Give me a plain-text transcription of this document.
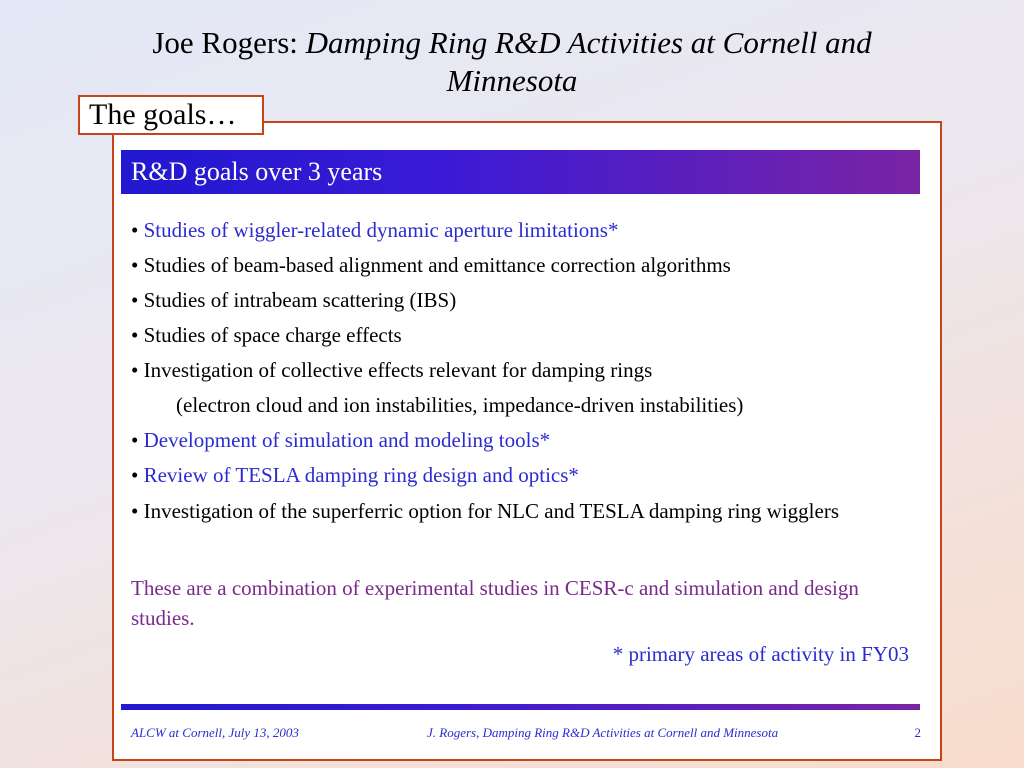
Joe Rogers: Damping Ring R&D Activities at Cornell and
Minnesota
The goals…
R&D goals over 3 years
• Studies of wiggler-related dynamic aperture limitations*
• Studies of beam-based alignment and emittance correction algorithms
• Studies of intrabeam scattering (IBS)
• Studies of space charge effects
• Investigation of collective effects relevant for damping rings
(electron cloud and ion instabilities, impedance-driven instabilities)
• Development of simulation and modeling tools*
• Review of TESLA damping ring design and optics*
• Investigation of the superferric option for NLC and TESLA damping ring wigglers
These are a combination of experimental studies in CESR-c and simulation and design studies.
* primary areas of activity in FY03
ALCW at Cornell, July 13, 2003	J. Rogers, Damping Ring R&D Activities at Cornell and Minnesota	2
